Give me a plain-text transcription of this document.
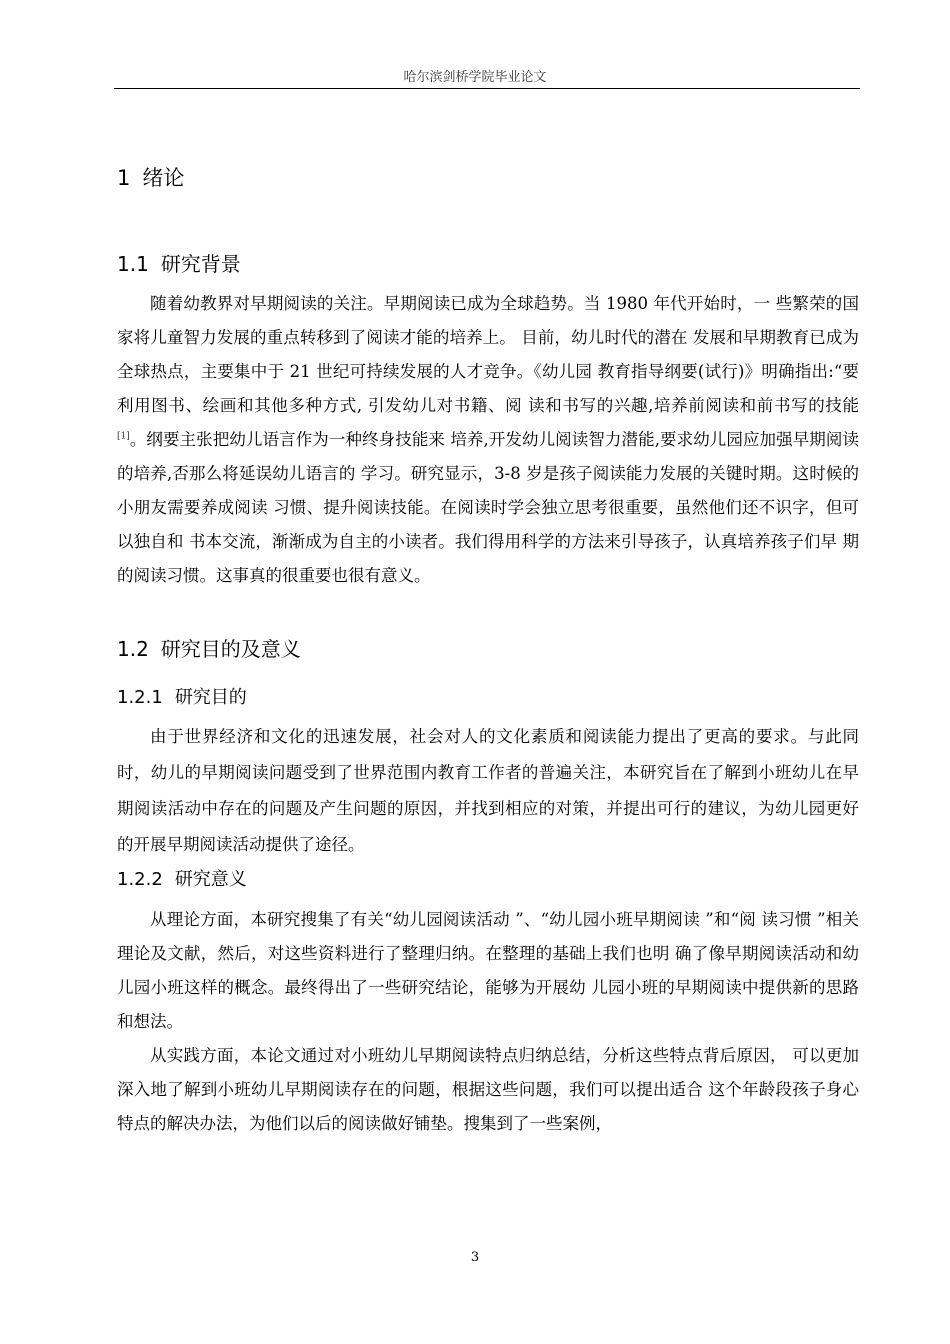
哈尔滨剑桥学院毕业论文
1 绪论
1.1 研究背景

随着幼教界对早期阅读的关注。早期阅读已成为全球趋势。当 1980 年代开始时，一 些繁荣的国家将儿童智力发展的重点转移到了阅读才能的培养上。 目前，幼儿时代的潜在 发展和早期教育已成为全球热点，主要集中于 21 世纪可持续发展的人才竞争。《幼儿园 教育指导纲要(试行)》明确指出:“要利用图书、绘画和其他多种方式, 引发幼儿对书籍、阅 读和书写的兴趣,培养前阅读和前书写的技能[1]。纲要主张把幼儿语言作为一种终身技能来 培养,开发幼儿阅读智力潜能,要求幼儿园应加强早期阅读的培养,否那么将延误幼儿语言的 学习。研究显示，3-8 岁是孩子阅读能力发展的关键时期。这时候的小朋友需要养成阅读 习惯、提升阅读技能。在阅读时学会独立思考很重要，虽然他们还不识字，但可以独自和 书本交流，渐渐成为自主的小读者。我们得用科学的方法来引导孩子，认真培养孩子们早 期的阅读习惯。这事真的很重要也很有意义。

1.2 研究目的及意义
1.2.1 研究目的

由于世界经济和文化的迅速发展，社会对人的文化素质和阅读能力提出了更高的要求。与此同时，幼儿的早期阅读问题受到了世界范围内教育工作者的普遍关注，本研究旨在了解到小班幼儿在早期阅读活动中存在的问题及产生问题的原因，并找到相应的对策，并提出可行的建议，为幼儿园更好的开展早期阅读活动提供了途径。

1.2.2 研究意义

从理论方面，本研究搜集了有关“幼儿园阅读活动 ”、“幼儿园小班早期阅读 ”和“阅 读习惯 ”相关理论及文献，然后，对这些资料进行了整理归纳。在整理的基础上我们也明 确了像早期阅读活动和幼儿园小班这样的概念。最终得出了一些研究结论，能够为开展幼 儿园小班的早期阅读中提供新的思路和想法。

从实践方面，本论文通过对小班幼儿早期阅读特点归纳总结，分析这些特点背后原因， 可以更加深入地了解到小班幼儿早期阅读存在的问题，根据这些问题，我们可以提出适合 这个年龄段孩子身心特点的解决办法，为他们以后的阅读做好铺垫。搜集到了一些案例，

3
